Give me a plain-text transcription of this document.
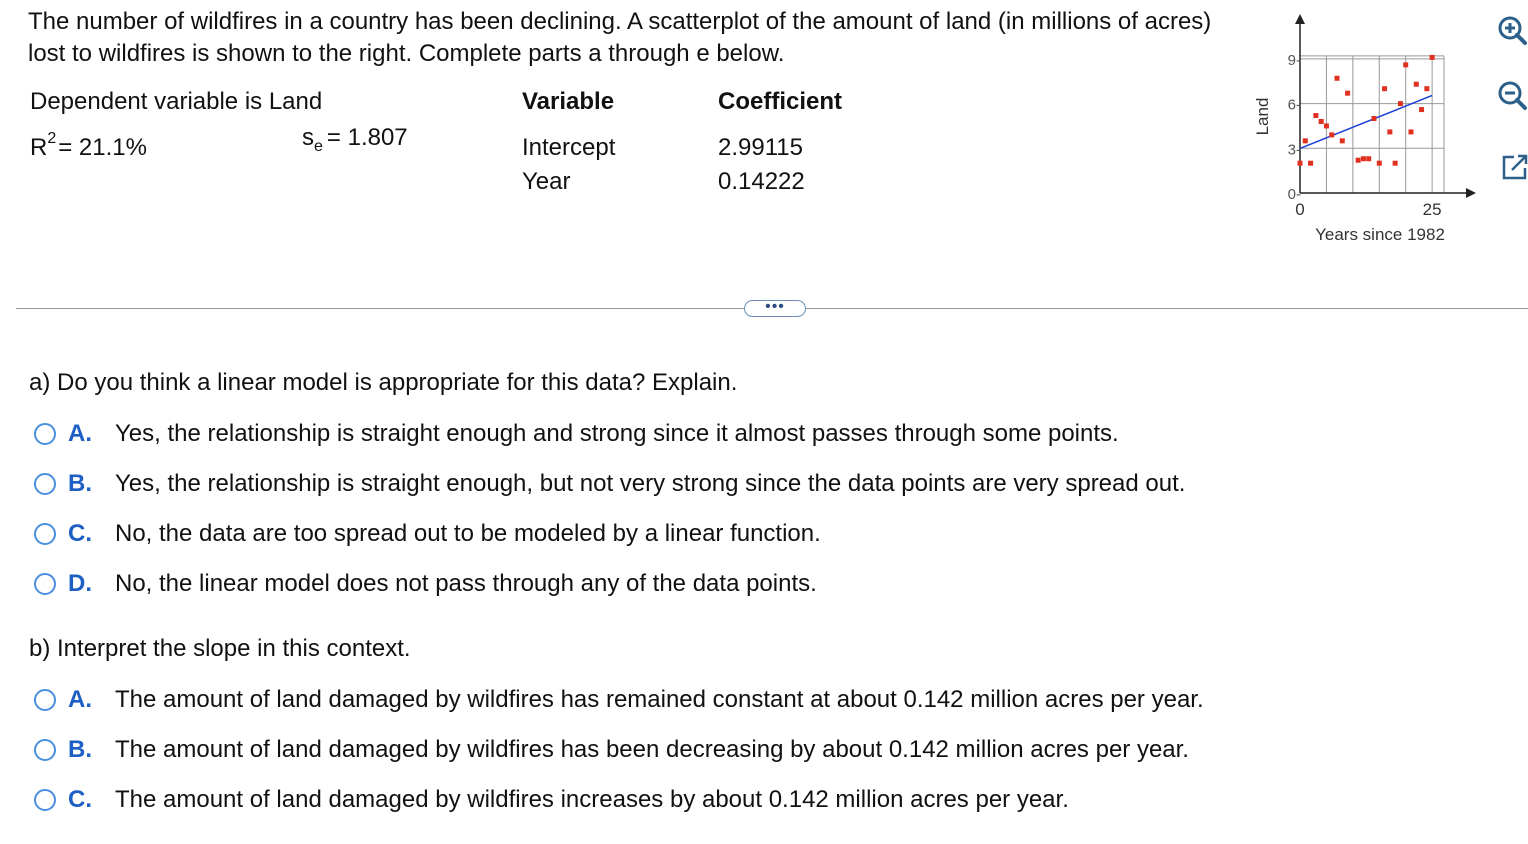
The number of wildfires in a country has been declining. A scatterplot of the amount of land (in millions of acres) lost to wildfires is shown to the right. Complete parts a through e below.
Dependent variable is Land
$R^2= 21.1\%$	$s_e = 1.807$
Variable	Coefficient
Intercept	2.99115
Year	0.14222	0-
3-
6-
9-
0	25
Land
Years since 1982
•••
a) Do you think a linear model is appropriate for this data? Explain.
A. Yes, the relationship is straight enough and strong since it almost passes through some points.
B. Yes, the relationship is straight enough, but not very strong since the data points are very spread out.
C. No, the data are too spread out to be modeled by a linear function.
D. No, the linear model does not pass through any of the data points.
b) Interpret the slope in this context.
A. The amount of land damaged by wildfires has remained constant at about 0.142 million acres per year.
B. The amount of land damaged by wildfires has been decreasing by about 0.142 million acres per year.
C. The amount of land damaged by wildfires increases by about 0.142 million acres per year.
